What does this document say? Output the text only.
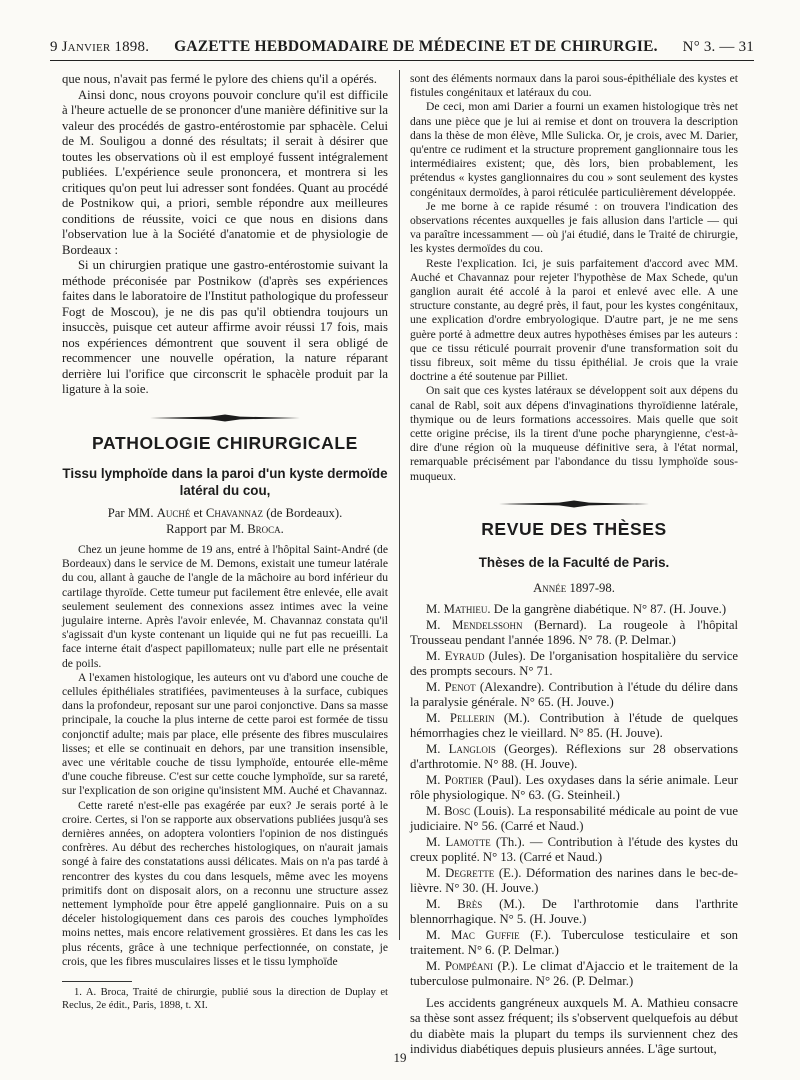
9 Janvier 1898. GAZETTE HEBDOMADAIRE DE MÉDECINE ET DE CHIRURGIE. N° 3. — 31

que nous, n'avait pas fermé le pylore des chiens qu'il a opérés.

Ainsi donc, nous croyons pouvoir conclure qu'il est difficile à l'heure actuelle de se prononcer d'une manière définitive sur la valeur des procédés de gastro-entérostomie par sphacèle. Celui de M. Souligou a donné des résultats; il serait à désirer que toutes les observations où il est employé fussent intégralement publiées. L'expérience seule prononcera, et montrera si les critiques qu'on peut lui adresser sont fondées. Quant au procédé de Postnikow qui, a priori, semble répondre aux meilleures conditions de réussite, voici ce que nous en disions dans l'observation lue à la Société d'anatomie et de physiologie de Bordeaux :

Si un chirurgien pratique une gastro-entérostomie suivant la méthode préconisée par Postnikow (d'après ses expériences faites dans le laboratoire de l'Institut pathologique du professeur Fogt de Moscou), je ne dis pas qu'il obtiendra toujours un insuccès, puisque cet auteur affirme avoir réussi 17 fois, mais nos expériences démontrent que souvent il sera obligé de recommencer une nouvelle opération, la nature réparant derrière lui l'orifice que circonscrit le sphacèle produit par la ligature à la soie.

PATHOLOGIE CHIRURGICALE
Tissu lymphoïde dans la paroi d'un kyste dermoïde latéral du cou,
Par MM. Auché et Chavannaz (de Bordeaux).
Rapport par M. Broca.

Chez un jeune homme de 19 ans, entré à l'hôpital Saint-André (de Bordeaux) dans le service de M. Demons, existait une tumeur latérale du cou, allant à gauche de l'angle de la mâchoire au bord inférieur du cartilage thyroïde. Cette tumeur put facilement être enlevée, elle avait seulement seulement des connexions assez intimes avec la veine jugulaire interne. Après l'avoir enlevée, M. Chavannaz constata qu'il s'agissait d'un kyste contenant un liquide qui ne fut pas recueilli. La face interne était d'aspect papillomateux; nulle part elle ne présentait de poils.

A l'examen histologique, les auteurs ont vu d'abord une couche de cellules épithéliales stratifiées, pavimenteuses à la surface, cubiques dans la profondeur, reposant sur une paroi conjonctive. Dans sa masse principale, la couche la plus interne de cette paroi est formée de tissu conjonctif adulte; mais par place, elle présente des fibres musculaires lisses; et elle se continuait en dehors, par une transition insensible, avec une véritable couche de tissu lymphoïde, entourée elle-même d'une couche fibreuse. C'est sur cette couche lymphoïde, sur sa rareté, sur l'explication de son origine qu'insistent MM. Auché et Chavannaz.

Cette rareté n'est-elle pas exagérée par eux? Je serais porté à le croire. Certes, si l'on se rapporte aux observations publiées jusqu'à ses dernières années, on adoptera volontiers l'opinion de nos distingués confrères. Au début des recherches histologiques, on n'aurait jamais songé à faire des constatations aussi délicates. Mais on n'a pas tardé à rencontrer des kystes du cou dans lesquels, même avec les moyens primitifs dont on disposait alors, on a reconnu une structure assez nettement lymphoïde pour être appelé ganglionnaire. Puis on a su déceler histologiquement dans ces parois des couches lymphoïdes moins nettes, mais encore relativement grossières. Et dans les cas les plus récents, grâce à une technique perfectionnée, on constate, je crois, que les fibres musculaires lisses et le tissu lymphoïde

1. A. Broca, Traité de chirurgie, publié sous la direction de Duplay et Reclus, 2e édit., Paris, 1898, t. XI.

sont des éléments normaux dans la paroi sous-épithéliale des kystes et fistules congénitaux et latéraux du cou.

De ceci, mon ami Darier a fourni un examen histologique très net dans une pièce que je lui ai remise et dont on trouvera la description dans la thèse de mon élève, Mlle Sulicka. Or, je crois, avec M. Darier, qu'entre ce rudiment et la structure proprement ganglionnaire tous les intermédiaires existent; que, dès lors, bien probablement, les prétendus « kystes ganglionnaires du cou » sont seulement des kystes congénitaux dermoïdes, à paroi réticulée particulièrement développée.

Je me borne à ce rapide résumé : on trouvera l'indication des observations récentes auxquelles je fais allusion dans l'article — qui va paraître incessamment — où j'ai étudié, dans le Traité de chirurgie, les kystes dermoïdes du cou.

Reste l'explication. Ici, je suis parfaitement d'accord avec MM. Auché et Chavannaz pour rejeter l'hypothèse de Max Schede, qu'un ganglion aurait été accolé à la paroi et enlevé avec elle. A une structure constante, au degré près, il faut, pour les kystes congénitaux, une explication d'ordre embryologique. D'autre part, je ne me sens guère porté à admettre deux autres hypothèses émises par les auteurs : que ce tissu réticulé pourrait provenir d'une transformation soit du tissu fibreux, soit même du tissu épithélial. Je crois que la vraie doctrine a été soutenue par Pilliet.

On sait que ces kystes latéraux se développent soit aux dépens du canal de Rabl, soit aux dépens d'invaginations thyroïdienne latérale, thymique ou de leurs formations accessoires. Mais quelle que soit cette origine précise, ils la tirent d'une poche pharyngienne, c'est-à-dire d'une région où la muqueuse définitive sera, à l'état normal, remarquable précisément par l'abondance du tissu lymphoïde sous-muqueux.

REVUE DES THÈSES
Thèses de la Faculté de Paris.
Année 1897-98.

M. Mathieu. De la gangrène diabétique. N° 87. (H. Jouve.)

M. Mendelssohn (Bernard). La rougeole à l'hôpital Trousseau pendant l'année 1896. N° 78. (P. Delmar.)

M. Eyraud (Jules). De l'organisation hospitalière du service des prompts secours. N° 71.

M. Penot (Alexandre). Contribution à l'étude du délire dans la paralysie générale. N° 65. (H. Jouve.)

M. Pellerin (M.). Contribution à l'étude de quelques hémorrhagies chez le vieillard. N° 85. (H. Jouve).

M. Langlois (Georges). Réflexions sur 28 observations d'arthrotomie. N° 88. (H. Jouve).

M. Portier (Paul). Les oxydases dans la série animale. Leur rôle physiologique. N° 63. (G. Steinheil.)

M. Bosc (Louis). La responsabilité médicale au point de vue judiciaire. N° 56. (Carré et Naud.)

M. Lamotte (Th.). — Contribution à l'étude des kystes du creux poplité. N° 13. (Carré et Naud.)

M. Degrette (E.). Déformation des narines dans le bec-de-lièvre. N° 30. (H. Jouve.)

M. Brès (M.). De l'arthrotomie dans l'arthrite blennorrhagique. N° 5. (H. Jouve.)

M. Mac Guffie (F.). Tuberculose testiculaire et son traitement. N° 6. (P. Delmar.)

M. Pompéani (P.). Le climat d'Ajaccio et le traitement de la tuberculose pulmonaire. N° 26. (P. Delmar.)

Les accidents gangréneux auxquels M. A. Mathieu consacre sa thèse sont assez fréquent; ils s'observent quelquefois au début du diabète mais la plupart du temps ils surviennent chez des individus diabétiques depuis plusieurs années. L'âge surtout,

19
